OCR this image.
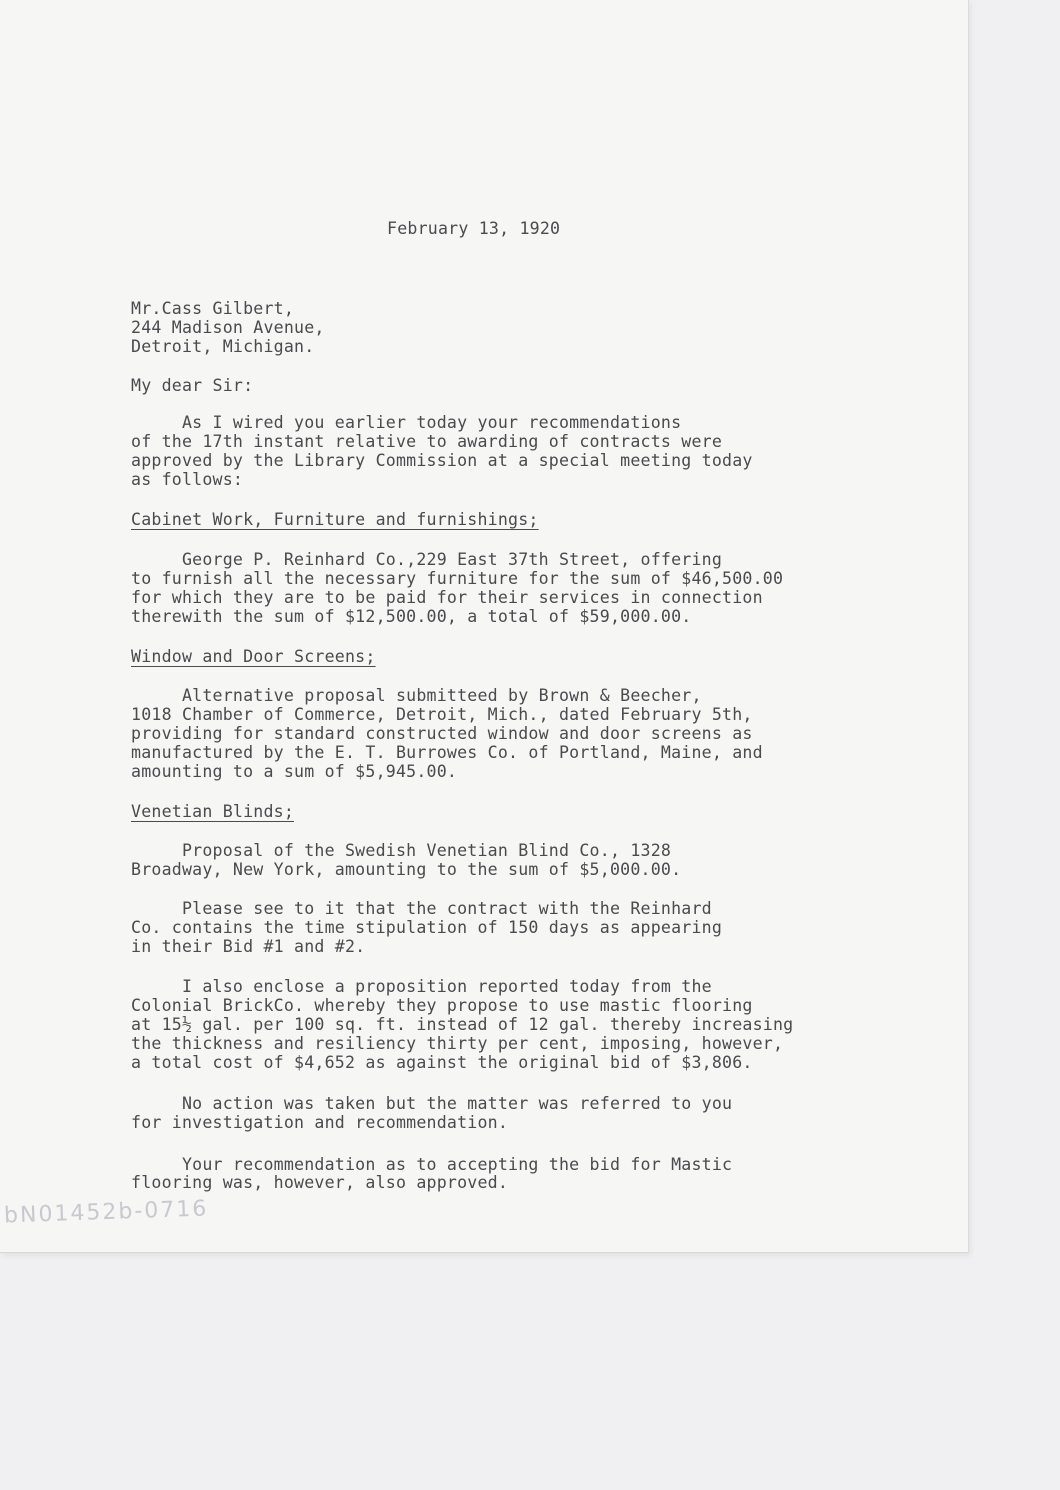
February 13, 1920
Mr.Cass Gilbert,
244 Madison Avenue,
Detroit, Michigan.
My dear Sir:
As I wired you earlier today your recommendations
of the 17th instant relative to awarding of contracts were
approved by the Library Commission at a special meeting today
as follows:
Cabinet Work, Furniture and furnishings;
George P. Reinhard Co.,229 East 37th Street, offering
to furnish all the necessary furniture for the sum of $46,500.00
for which they are to be paid for their services in connection
therewith the sum of $12,500.00, a total of $59,000.00.
Window and Door Screens;
Alternative proposal submitteed by Brown & Beecher,
1018 Chamber of Commerce, Detroit, Mich., dated February 5th,
providing for standard constructed window and door screens as
manufactured by the E. T. Burrowes Co. of Portland, Maine, and
amounting to a sum of $5,945.00.
Venetian Blinds;
Proposal of the Swedish Venetian Blind Co., 1328
Broadway, New York, amounting to the sum of $5,000.00.
Please see to it that the contract with the Reinhard
Co. contains the time stipulation of 150 days as appearing
in their Bid #1 and #2.
I also enclose a proposition reported today from the
Colonial BrickCo. whereby they propose to use mastic flooring
at 15½ gal. per 100 sq. ft. instead of 12 gal. thereby increasing
the thickness and resiliency thirty per cent, imposing, however,
a total cost of $4,652 as against the original bid of $3,806.
No action was taken but the matter was referred to you
for investigation and recommendation.
Your recommendation as to accepting the bid for Mastic
flooring was, however, also approved.
bN01452b-0716
